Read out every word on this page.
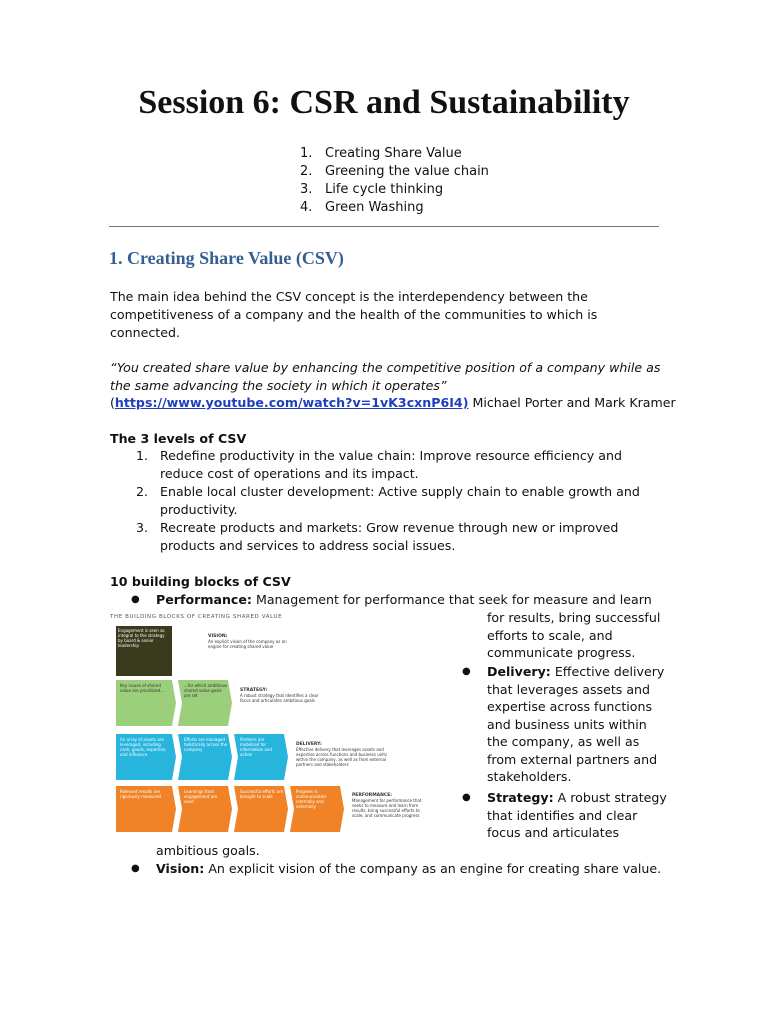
Session 6: CSR and Sustainability
1. Creating Share Value
2. Greening the value chain
3. Life cycle thinking
4. Green Washing
1. Creating Share Value (CSV)
The main idea behind the CSV concept is the interdependency between the competitiveness of a company and the health of the communities to which is connected.
“You created share value by enhancing the competitive position of a company while as the same advancing the society in which it operates”
(https://www.youtube.com/watch?v=1vK3cxnP6I4) Michael Porter and Mark Kramer
The 3 levels of CSV
1. Redefine productivity in the value chain: Improve resource efficiency and reduce cost of operations and its impact.
2. Enable local cluster development: Active supply chain to enable growth and productivity.
3. Recreate products and markets: Grow revenue through new or improved products and services to address social issues.
10 building blocks of CSV
● Performance: Management for performance that seek for measure and learn
for results, bring successful
efforts to scale, and
communicate progress.
● Delivery: Effective delivery
that leverages assets and
expertise across functions
and business units within
the company, as well as
from external partners and
stakeholders.
● Strategy: A robust strategy
that identifies and clear
focus and articulates
ambitious goals.
● Vision: An explicit vision of the company as an engine for creating share value.
THE BUILDING BLOCKS OF CREATING SHARED VALUE
Engagement is seen as integral to the strategy by board & senior leadership
VISION:
An explicit vision of the company as an engine for creating shared value
Key issues of shared value are prioritized...
...for which ambitious shared value goals are set
STRATEGY:
A robust strategy that identifies a clear focus and articulates ambitious goals
An array of assets are leveraged, including cash, goods, expertise, and influence
Efforts are managed holistically across the company
Partners are mobilized for information and action
DELIVERY:
Effective delivery that leverages assets and expertise across functions and business units within the company, as well as from external partners and stakeholders
Relevant results are rigorously measured
Learnings from engagement are used
Successful efforts are brought to scale
Progress is communicated internally and externally
PERFORMANCE:
Management for performance that seeks to measure and learn from results, bring successful efforts to scale, and communicate progress
